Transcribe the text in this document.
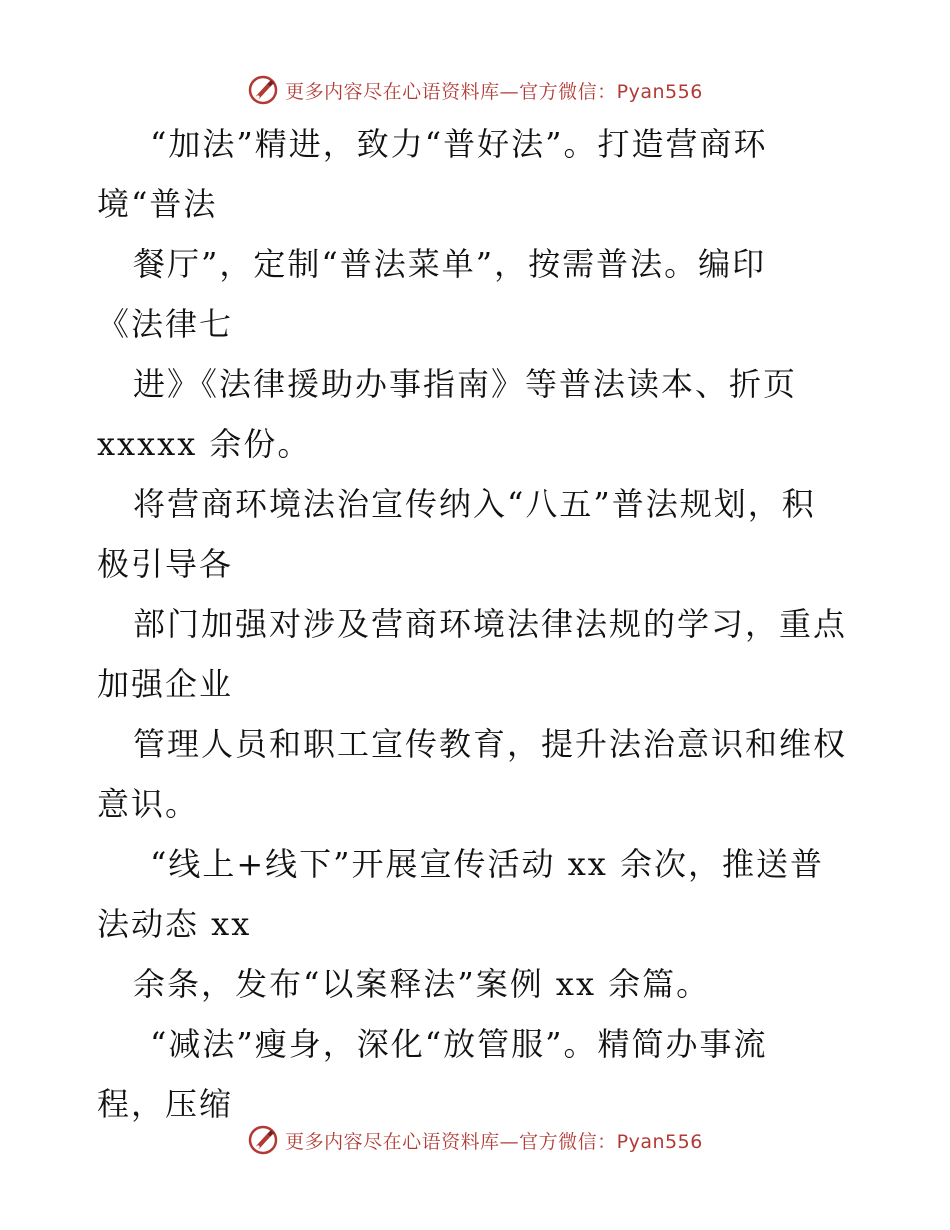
更多内容尽在心语资料库—官方微信：Pyan556
“加法”精进，致力“普好法”。打造营商环
境“普法
餐厅”，定制“普法菜单”，按需普法。编印
《法律七
进》《法律援助办事指南》等普法读本、折页
xxxxx 余份。
将营商环境法治宣传纳入“八五”普法规划，积
极引导各
部门加强对涉及营商环境法律法规的学习，重点
加强企业
管理人员和职工宣传教育，提升法治意识和维权
意识。
“线上+线下”开展宣传活动 xx 余次，推送普
法动态 xx
余条，发布“以案释法”案例 xx 余篇。
“减法”瘦身，深化“放管服”。精简办事流
程，压缩
更多内容尽在心语资料库—官方微信：Pyan556
